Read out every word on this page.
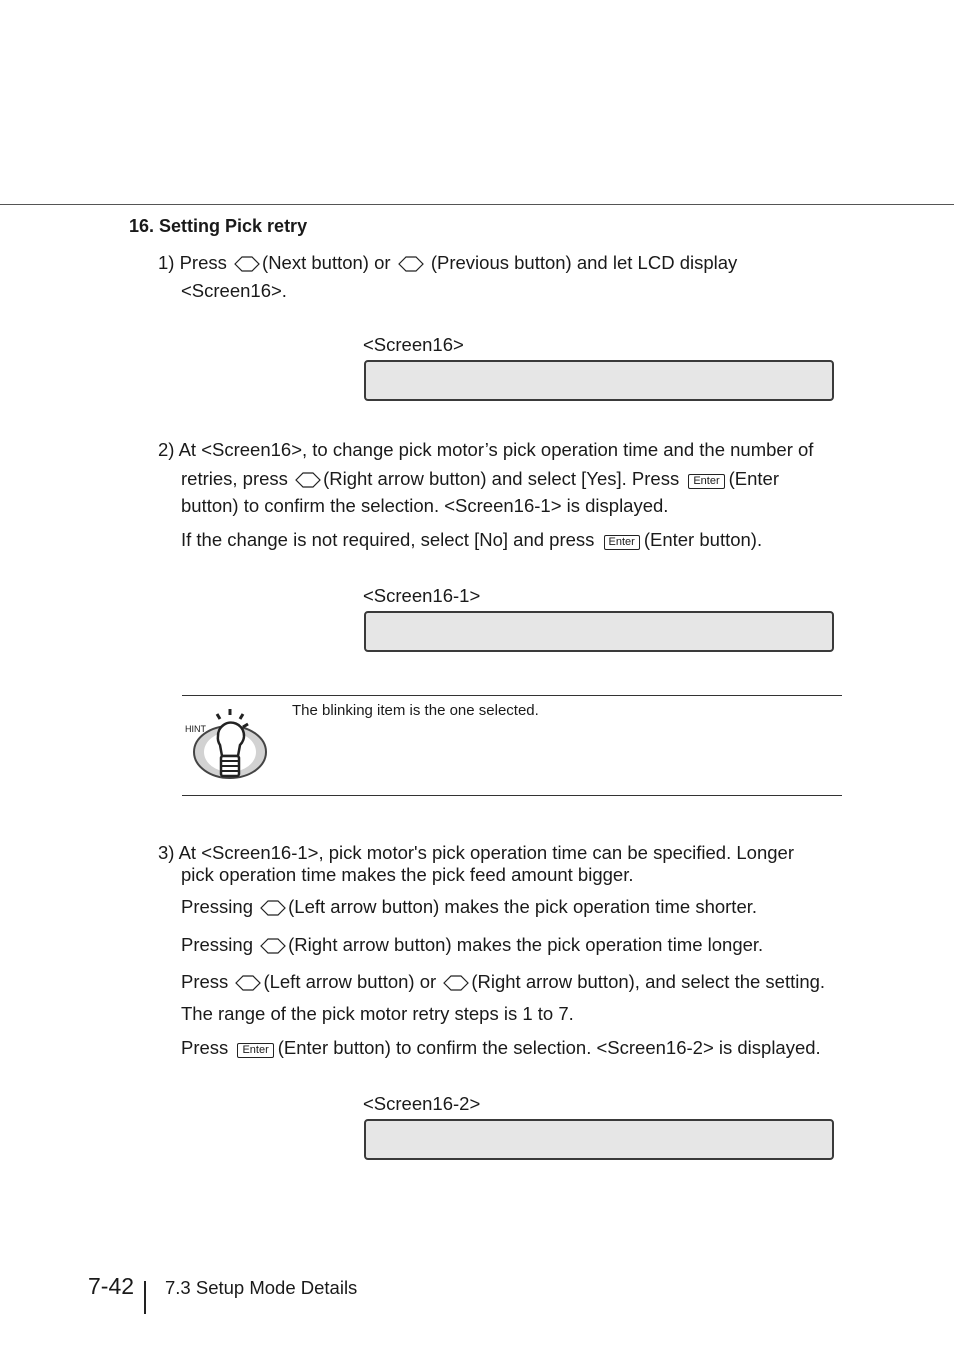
16. Setting Pick retry
1) Press (Next button) or (Previous button) and let LCD display
<Screen16>.
<Screen16>
2) At <Screen16>, to change pick motor’s pick operation time and the number of
retries, press (Right arrow button) and select [Yes]. Press Enter (Enter
button) to confirm the selection. <Screen16-1> is displayed.
If the change is not required, select [No] and press Enter (Enter button).
<Screen16-1>
HINT
The blinking item is the one selected.
3) At <Screen16-1>, pick motor's pick operation time can be specified. Longer
pick operation time makes the pick feed amount bigger.
Pressing (Left arrow button) makes the pick operation time shorter.
Pressing (Right arrow button) makes the pick operation time longer.
Press (Left arrow button) or (Right arrow button), and select the setting.
The range of the pick motor retry steps is 1 to 7.
Press Enter (Enter button) to confirm the selection. <Screen16-2> is displayed.
<Screen16-2>
7-42 7.3 Setup Mode Details
